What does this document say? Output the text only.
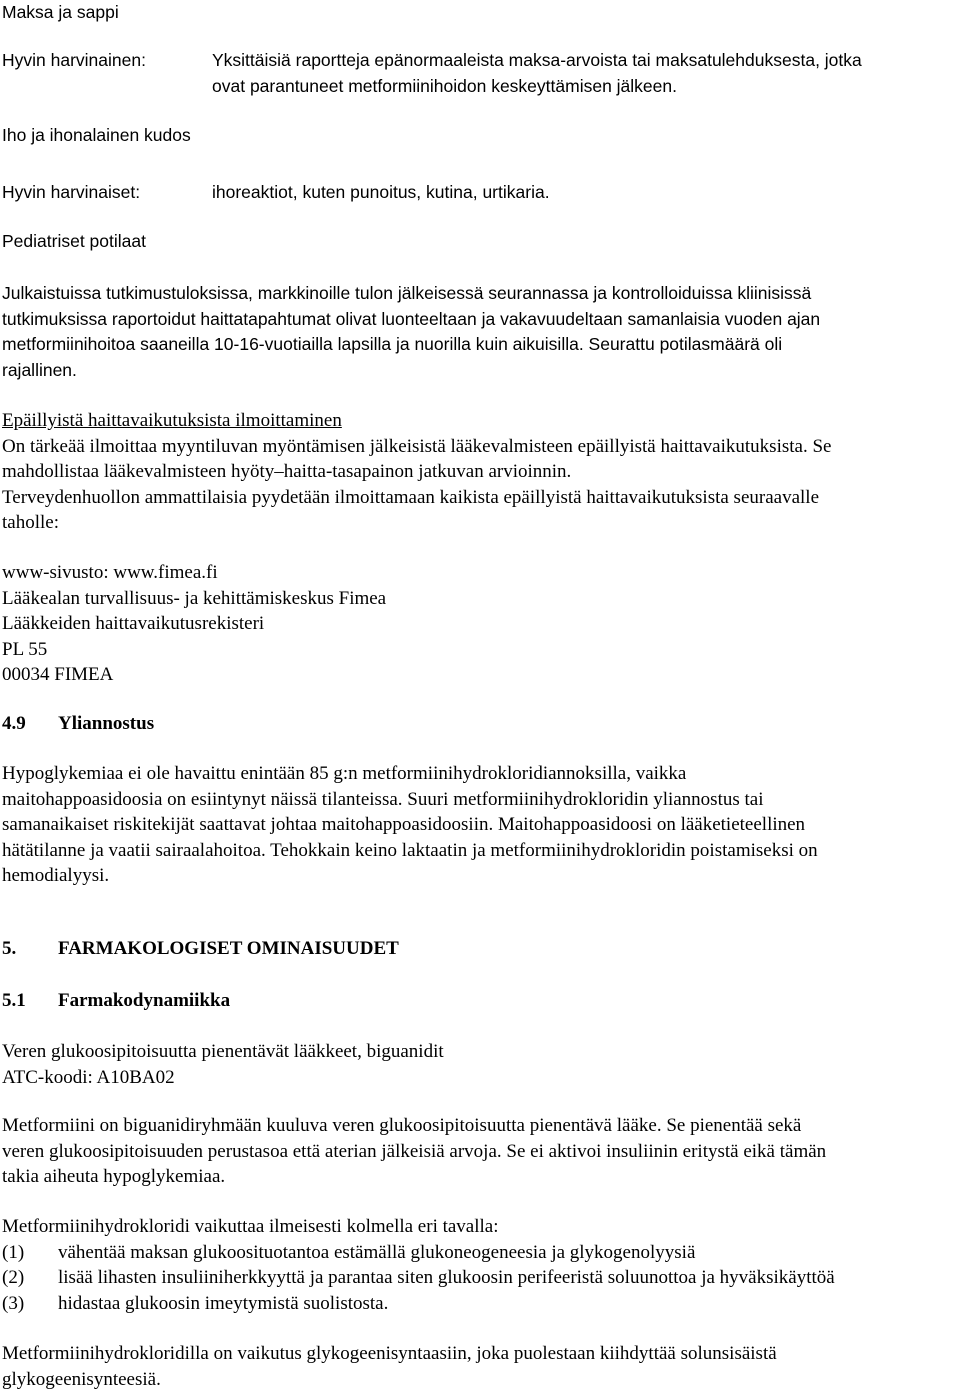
Maksa ja sappi
Hyvin harvinainen:	Yksittäisiä raportteja epänormaaleista maksa-arvoista tai maksatulehduksesta, jotka
ovat parantuneet metformiinihoidon keskeyttämisen jälkeen.
Iho ja ihonalainen kudos
Hyvin harvinaiset:	ihoreaktiot, kuten punoitus, kutina, urtikaria.
Pediatriset potilaat
Julkaistuissa tutkimustuloksissa, markkinoille tulon jälkeisessä seurannassa ja kontrolloiduissa kliinisissä
tutkimuksissa raportoidut haittatapahtumat olivat luonteeltaan ja vakavuudeltaan samanlaisia vuoden ajan
metformiinihoitoa saaneilla 10-16-vuotiailla lapsilla ja nuorilla kuin aikuisilla. Seurattu potilasmäärä oli
rajallinen.
Epäillyistä haittavaikutuksista ilmoittaminen
On tärkeää ilmoittaa myyntiluvan myöntämisen jälkeisistä lääkevalmisteen epäillyistä haittavaikutuksista. Se
mahdollistaa lääkevalmisteen hyöty–haitta-tasapainon jatkuvan arvioinnin.
Terveydenhuollon ammattilaisia pyydetään ilmoittamaan kaikista epäillyistä haittavaikutuksista seuraavalle
taholle:
www-sivusto: www.fimea.fi
Lääkealan turvallisuus- ja kehittämiskeskus Fimea
Lääkkeiden haittavaikutusrekisteri
PL 55
00034 FIMEA
4.9 Yliannostus
Hypoglykemiaa ei ole havaittu enintään 85 g:n metformiinihydrokloridiannoksilla, vaikka
maitohappoasidoosia on esiintynyt näissä tilanteissa. Suuri metformiinihydrokloridin yliannostus tai
samanaikaiset riskitekijät saattavat johtaa maitohappoasidoosiin. Maitohappoasidoosi on lääketieteellinen
hätätilanne ja vaatii sairaalahoitoa. Tehokkain keino laktaatin ja metformiinihydrokloridin poistamiseksi on
hemodialyysi.
5. FARMAKOLOGISET OMINAISUUDET
5.1 Farmakodynamiikka
Veren glukoosipitoisuutta pienentävät lääkkeet, biguanidit
ATC-koodi: A10BA02
Metformiini on biguanidiryhmään kuuluva veren glukoosipitoisuutta pienentävä lääke. Se pienentää sekä
veren glukoosipitoisuuden perustasoa että aterian jälkeisiä arvoja. Se ei aktivoi insuliinin eritystä eikä tämän
takia aiheuta hypoglykemiaa.
Metformiinihydrokloridi vaikuttaa ilmeisesti kolmella eri tavalla:
(1) vähentää maksan glukoosituotantoa estämällä glukoneogeneesia ja glykogenolyysiä
(2) lisää lihasten insuliiniherkkyyttä ja parantaa siten glukoosin perifeeristä soluunottoa ja hyväksikäyttöä
(3) hidastaa glukoosin imeytymistä suolistosta.
Metformiinihydrokloridilla on vaikutus glykogeenisyntaasiin, joka puolestaan kiihdyttää solunsisäistä
glykogeenisynteesiä.
